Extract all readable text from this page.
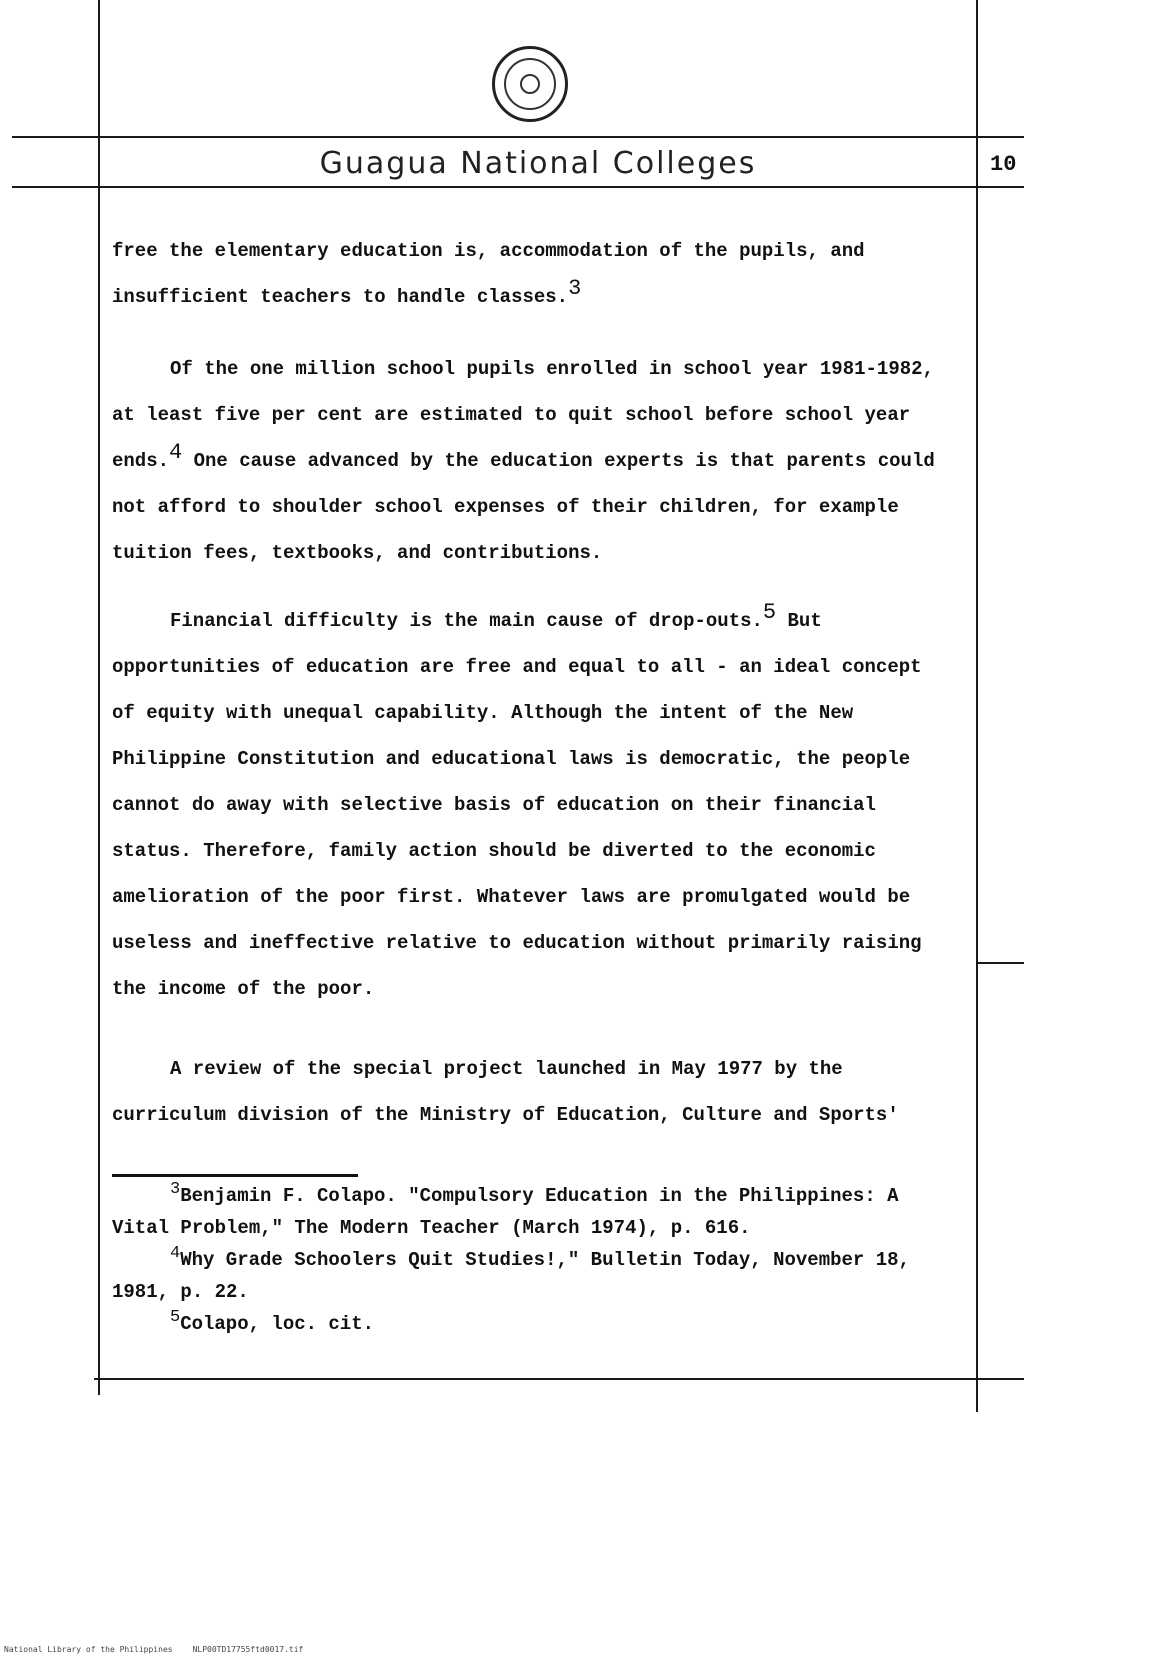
Guagua National Colleges	10
free the elementary education is, accommodation of the pupils, and
insufficient teachers to handle classes.$^3$
Of the one million school pupils enrolled in school year 1981-1982,
at least five per cent are estimated to quit school before school year
ends.$^4$ One cause advanced by the education experts is that parents could
not afford to shoulder school expenses of their children, for example
tuition fees, textbooks, and contributions.
Financial difficulty is the main cause of drop-outs.$^5$ But
opportunities of education are free and equal to all - an ideal concept
of equity with unequal capability. Although the intent of the New
Philippine Constitution and educational laws is democratic, the people
cannot do away with selective basis of education on their financial
status. Therefore, family action should be diverted to the economic
amelioration of the poor first. Whatever laws are promulgated would be
useless and ineffective relative to education without primarily raising
the income of the poor.
A review of the special project launched in May 1977 by the
curriculum division of the Ministry of Education, Culture and Sports'
3Benjamin F. Colapo. "Compulsory Education in the Philippines: A
Vital Problem," The Modern Teacher (March 1974), p. 616.
4Why Grade Schoolers Quit Studies!," Bulletin Today, November 18,
1981, p. 22.
5Colapo, loc. cit.
National Library of the Philippines	NLP00TD17755ftd0017.tif
